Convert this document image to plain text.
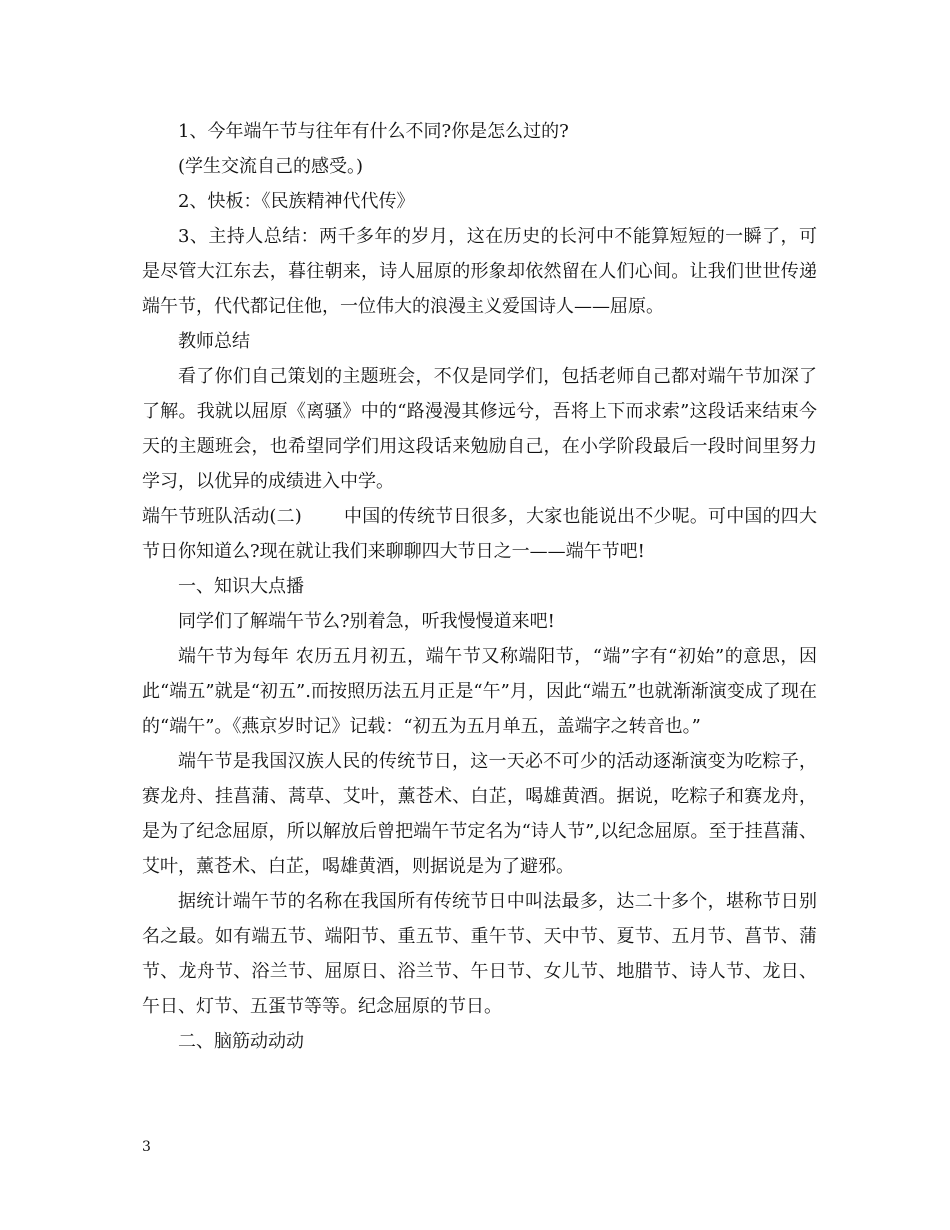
1、今年端午节与往年有什么不同?你是怎么过的?

(学生交流自己的感受。)

2、快板：《民族精神代代传》

3、主持人总结：两千多年的岁月，这在历史的长河中不能算短短的一瞬了，可是尽管大江东去，暮往朝来，诗人屈原的形象却依然留在人们心间。让我们世世传递端午节，代代都记住他，一位伟大的浪漫主义爱国诗人——屈原。

教师总结

看了你们自己策划的主题班会，不仅是同学们，包括老师自己都对端午节加深了了解。我就以屈原《离骚》中的“路漫漫其修远兮，吾将上下而求索”这段话来结束今天的主题班会，也希望同学们用这段话来勉励自己，在小学阶段最后一段时间里努力学习，以优异的成绩进入中学。

端午节班队活动(二) 中国的传统节日很多，大家也能说出不少呢。可中国的四大节日你知道么?现在就让我们来聊聊四大节日之一——端午节吧!

一、知识大点播

同学们了解端午节么?别着急，听我慢慢道来吧!

端午节为每年 农历五月初五，端午节又称端阳节，“端”字有“初始”的意思，因此“端五”就是“初五”.而按照历法五月正是“午”月，因此“端五”也就渐渐演变成了现在的“端午”。《燕京岁时记》记载：“初五为五月单五，盖端字之转音也。”

端午节是我国汉族人民的传统节日，这一天必不可少的活动逐渐演变为吃粽子，赛龙舟、挂菖蒲、蒿草、艾叶，薰苍术、白芷，喝雄黄酒。据说，吃粽子和赛龙舟，是为了纪念屈原，所以解放后曾把端午节定名为“诗人节”,以纪念屈原。至于挂菖蒲、艾叶，薰苍术、白芷，喝雄黄酒，则据说是为了避邪。

据统计端午节的名称在我国所有传统节日中叫法最多，达二十多个，堪称节日别名之最。如有端五节、端阳节、重五节、重午节、天中节、夏节、五月节、菖节、蒲节、龙舟节、浴兰节、屈原日、浴兰节、午日节、女儿节、地腊节、诗人节、龙日、午日、灯节、五蛋节等等。纪念屈原的节日。

二、脑筋动动动

3
